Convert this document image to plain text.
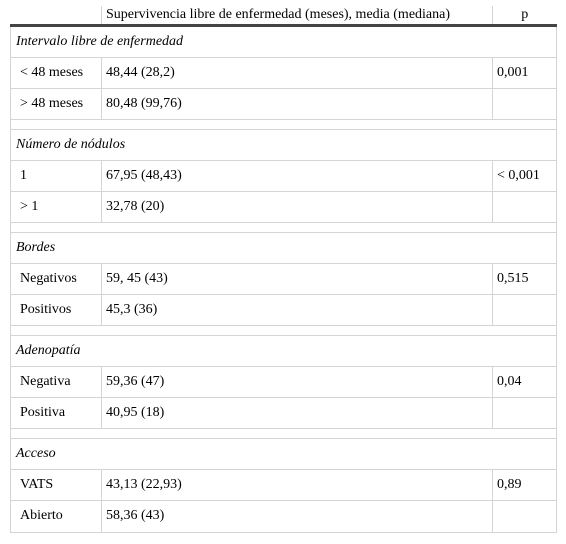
	Supervivencia libre de enfermedad (meses), media (mediana)	p
Intervalo libre de enfermedad		
< 48 meses	48,44 (28,2)	0,001
> 48 meses	80,48 (99,76)	

Número de nódulos		
1	67,95 (48,43)	< 0,001
> 1	32,78 (20)	

Bordes		
Negativos	59, 45 (43)	0,515
Positivos	45,3 (36)	

Adenopatía		
Negativa	59,36 (47)	0,04
Positiva	40,95 (18)	

Acceso		
VATS	43,13 (22,93)	0,89
Abierto	58,36 (43)	
